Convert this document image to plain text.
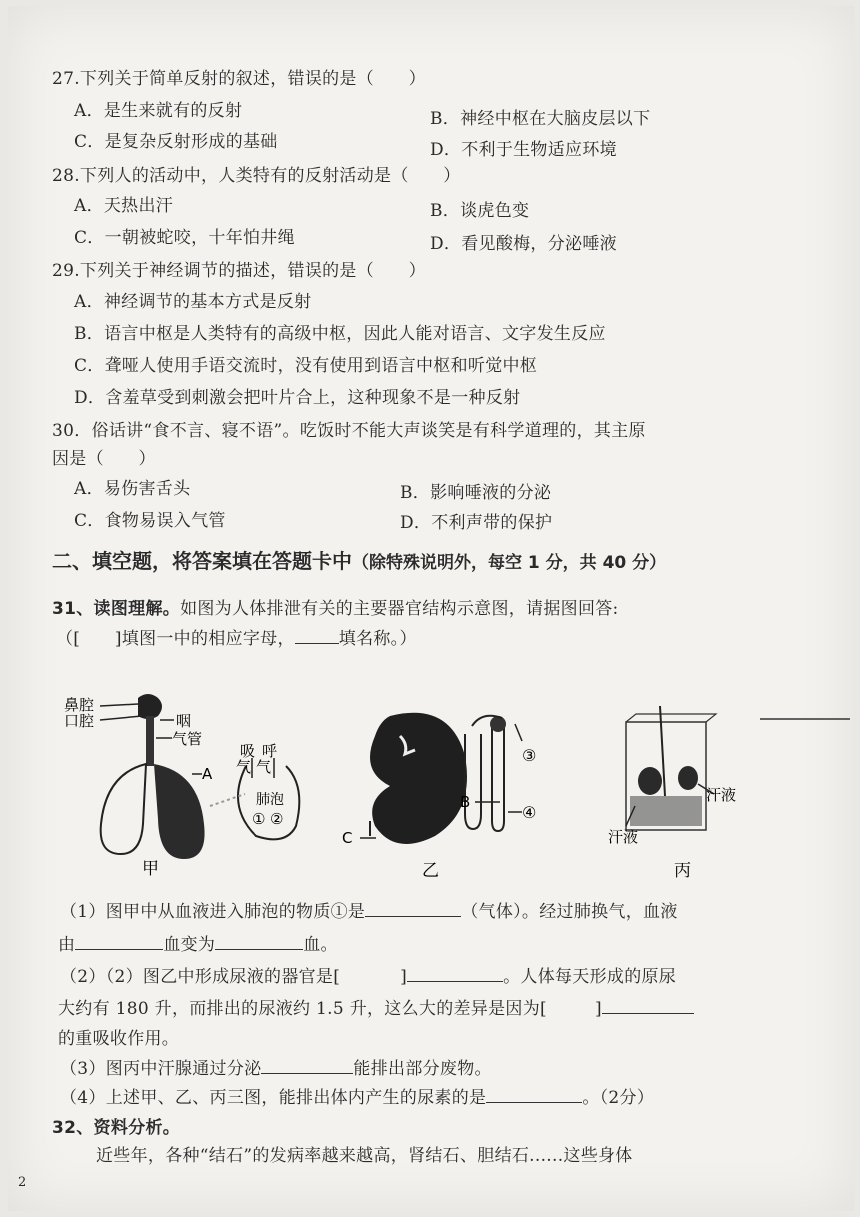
27.下列关于简单反射的叙述，错误的是（　　）
A．是生来就有的反射	B．神经中枢在大脑皮层以下
C．是复杂反射形成的基础	D．不利于生物适应环境
28.下列人的活动中，人类特有的反射活动是（　　）
A．天热出汗	B．谈虎色变
C．一朝被蛇咬，十年怕井绳	D．看见酸梅，分泌唾液
29.下列关于神经调节的描述，错误的是（　　）
A．神经调节的基本方式是反射
B．语言中枢是人类特有的高级中枢，因此人能对语言、文字发生反应
C．聋哑人使用手语交流时，没有使用到语言中枢和听觉中枢
D．含羞草受到刺激会把叶片合上，这种现象不是一种反射
30．俗话讲“食不言、寝不语”。吃饭时不能大声谈笑是有科学道理的，其主原
因是（　　）
A．易伤害舌头	B．影响唾液的分泌
C．食物易误入气管	D．不利声带的保护
二、填空题，将答案填在答题卡中（除特殊说明外，每空 1 分，共 40 分）
31、读图理解。如图为人体排泄有关的主要器官结构示意图，请据图回答:
（[　　]填图一中的相应字母，	填名称。）
鼻腔
口腔	咽
气管
A
吸 呼
气 气
肺泡
① ②
甲
C
B
③
④
乙
汗液
汗液
丙
（1）图甲中从血液进入肺泡的物质①是	（气体）。经过肺换气，血液
由	血变为	血。
（2）（2）图乙中形成尿液的器官是[	]	。人体每天形成的原尿
大约有 180 升，而排出的尿液约 1.5 升，这么大的差异是因为[	]
的重吸收作用。
（3）图丙中汗腺通过分泌	能排出部分废物。
（4）上述甲、乙、丙三图，能排出体内产生的尿素的是	。（2分）
32、资料分析。
近些年，各种“结石”的发病率越来越高，肾结石、胆结石......这些身体
2
